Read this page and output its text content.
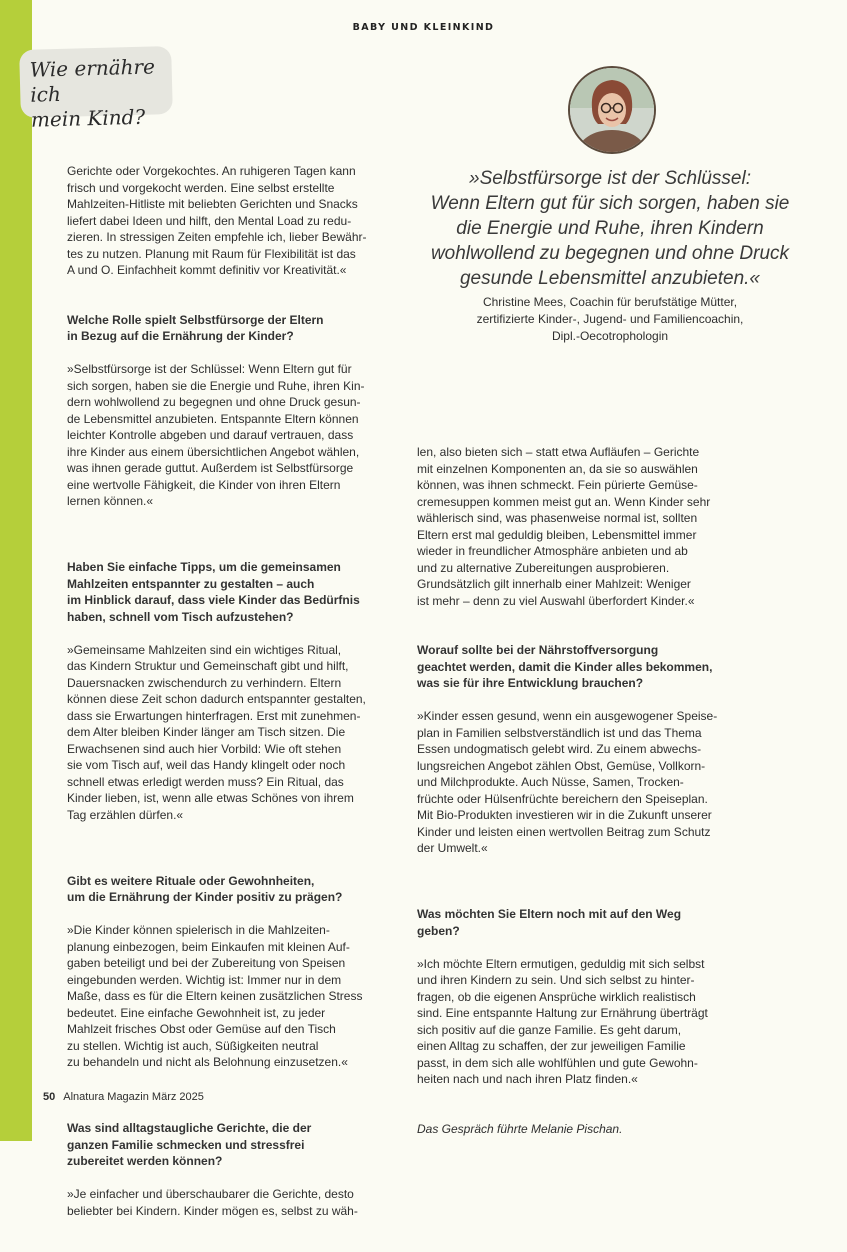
BABY UND KLEINKIND
Wie ernähre ich
mein Kind?
»Selbstfürsorge ist der Schlüssel:
Wenn Eltern gut für sich sorgen, haben sie
die Energie und Ruhe, ihren Kindern
wohlwollend zu begegnen und ohne Druck
gesunde Lebensmittel anzubieten.«
Christine Mees, Coachin für berufstätige Mütter,
zertifizierte Kinder-, Jugend- und Familiencoachin,
Dipl.-Oecotrophologin

Gerichte oder Vorgekochtes. An ruhigeren Tagen kann
frisch und vorgekocht werden. Eine selbst erstellte
Mahlzeiten-Hitliste mit beliebten Gerichten und Snacks
liefert dabei Ideen und hilft, den Mental Load zu redu-
zieren. In stressigen Zeiten empfehle ich, lieber Bewähr-
tes zu nutzen. Planung mit Raum für Flexibilität ist das
A und O. Einfachheit kommt definitiv vor Kreativität.«

Welche Rolle spielt Selbstfürsorge der Eltern
in Bezug auf die Ernährung der Kinder?

»Selbstfürsorge ist der Schlüssel: Wenn Eltern gut für
sich sorgen, haben sie die Energie und Ruhe, ihren Kin-
dern wohlwollend zu begegnen und ohne Druck gesun-
de Lebensmittel anzubieten. Entspannte Eltern können
leichter Kontrolle abgeben und darauf vertrauen, dass
ihre Kinder aus einem übersichtlichen Angebot wählen,
was ihnen gerade guttut. Außerdem ist Selbstfürsorge
eine wertvolle Fähigkeit, die Kinder von ihren Eltern
lernen können.«

Haben Sie einfache Tipps, um die gemeinsamen
Mahlzeiten entspannter zu gestalten – auch
im Hinblick darauf, dass viele Kinder das Bedürfnis
haben, schnell vom Tisch aufzustehen?

»Gemeinsame Mahlzeiten sind ein wichtiges Ritual,
das Kindern Struktur und Gemeinschaft gibt und hilft,
Dauersnacken zwischendurch zu verhindern. Eltern
können diese Zeit schon dadurch entspannter gestalten,
dass sie Erwartungen hinterfragen. Erst mit zunehmen-
dem Alter bleiben Kinder länger am Tisch sitzen. Die
Erwachsenen sind auch hier Vorbild: Wie oft stehen
sie vom Tisch auf, weil das Handy klingelt oder noch
schnell etwas erledigt werden muss? Ein Ritual, das
Kinder lieben, ist, wenn alle etwas Schönes von ihrem
Tag erzählen dürfen.«

Gibt es weitere Rituale oder Gewohnheiten,
um die Ernährung der Kinder positiv zu prägen?

»Die Kinder können spielerisch in die Mahlzeiten-
planung einbezogen, beim Einkaufen mit kleinen Auf-
gaben beteiligt und bei der Zubereitung von Speisen
eingebunden werden. Wichtig ist: Immer nur in dem
Maße, dass es für die Eltern keinen zusätzlichen Stress
bedeutet. Eine einfache Gewohnheit ist, zu jeder
Mahlzeit frisches Obst oder Gemüse auf den Tisch
zu stellen. Wichtig ist auch, Süßigkeiten neutral
zu behandeln und nicht als Belohnung einzusetzen.«

Was sind alltagstaugliche Gerichte, die der
ganzen Familie schmecken und stressfrei
zubereitet werden können?

»Je einfacher und überschaubarer die Gerichte, desto
beliebter bei Kindern. Kinder mögen es, selbst zu wäh-

len, also bieten sich – statt etwa Aufläufen – Gerichte
mit einzelnen Komponenten an, da sie so auswählen
können, was ihnen schmeckt. Fein pürierte Gemüse-
cremesuppen kommen meist gut an. Wenn Kinder sehr
wählerisch sind, was phasenweise normal ist, sollten
Eltern erst mal geduldig bleiben, Lebensmittel immer
wieder in freundlicher Atmosphäre anbieten und ab
und zu alternative Zubereitungen ausprobieren.
Grundsätzlich gilt innerhalb einer Mahlzeit: Weniger
ist mehr – denn zu viel Auswahl überfordert Kinder.«

Worauf sollte bei der Nährstoffversorgung
geachtet werden, damit die Kinder alles bekommen,
was sie für ihre Entwicklung brauchen?

»Kinder essen gesund, wenn ein ausgewogener Speise-
plan in Familien selbstverständlich ist und das Thema
Essen undogmatisch gelebt wird. Zu einem abwechs-
lungsreichen Angebot zählen Obst, Gemüse, Vollkorn-
und Milchprodukte. Auch Nüsse, Samen, Trocken-
früchte oder Hülsenfrüchte bereichern den Speiseplan.
Mit Bio-Produkten investieren wir in die Zukunft unserer
Kinder und leisten einen wertvollen Beitrag zum Schutz
der Umwelt.«

Was möchten Sie Eltern noch mit auf den Weg
geben?

»Ich möchte Eltern ermutigen, geduldig mit sich selbst
und ihren Kindern zu sein. Und sich selbst zu hinter-
fragen, ob die eigenen Ansprüche wirklich realistisch
sind. Eine entspannte Haltung zur Ernährung überträgt
sich positiv auf die ganze Familie. Es geht darum,
einen Alltag zu schaffen, der zur jeweiligen Familie
passt, in dem sich alle wohlfühlen und gute Gewohn-
heiten nach und nach ihren Platz finden.«

Das Gespräch führte Melanie Pischan.

50 Alnatura Magazin März 2025
